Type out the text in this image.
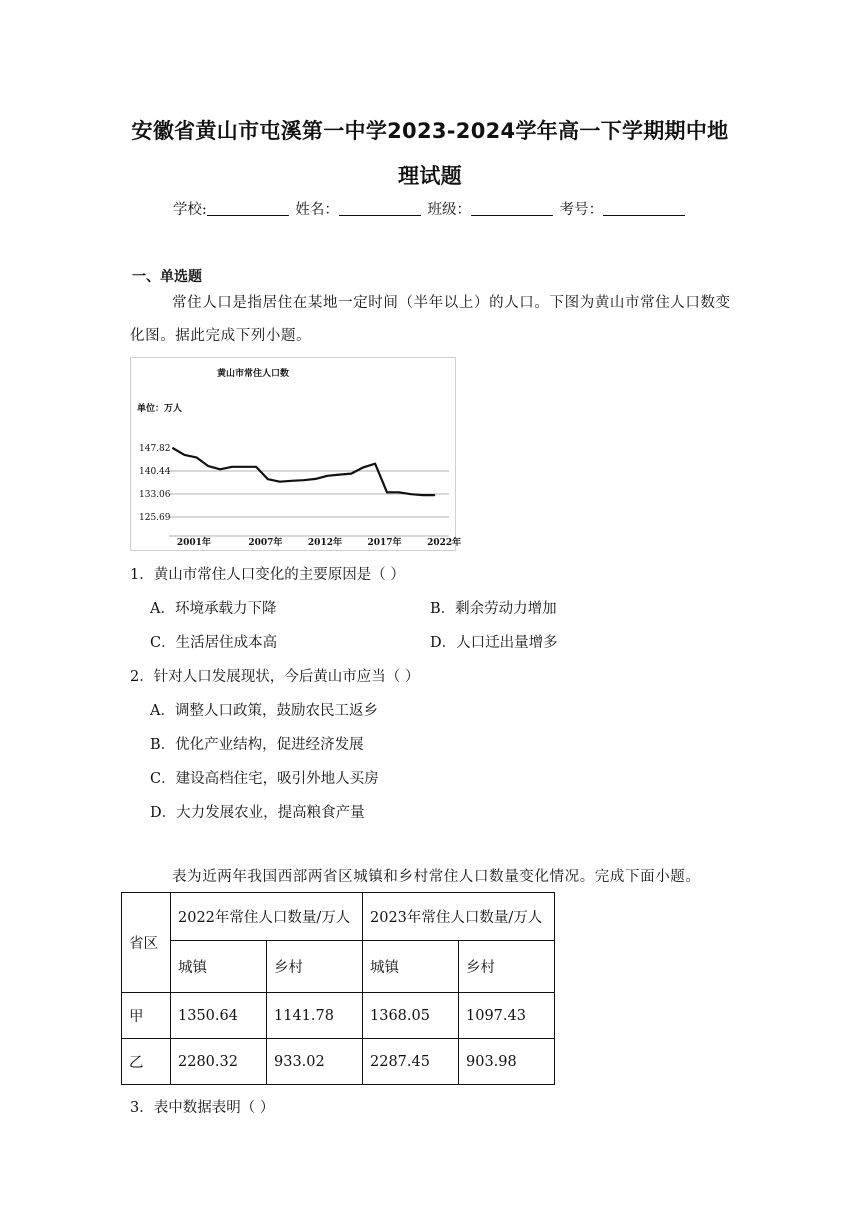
安徽省黄山市屯溪第一中学2023-2024学年高一下学期期中地
理试题
学校:	姓名：	班级：	考号：
一、单选题
常住人口是指居住在某地一定时间（半年以上）的人口。下图为黄山市常住人口数变
化图。据此完成下列小题。
黄山市常住人口数
单位：万人
147.82
140.44
133.06
125.69
2001年	2007年	2012年	2017年	2022年
1．黄山市常住人口变化的主要原因是（ ）
A．环境承载力下降	B．剩余劳动力增加
C．生活居住成本高	D．人口迁出量增多
2．针对人口发展现状，今后黄山市应当（ ）
A．调整人口政策，鼓励农民工返乡
B．优化产业结构，促进经济发展
C．建设高档住宅，吸引外地人买房
D．大力发展农业，提高粮食产量
表为近两年我国西部两省区城镇和乡村常住人口数量变化情况。完成下面小题。
省区	2022年常住人口数量/万人		2023年常住人口数量/万人	
	城镇	乡村	城镇	乡村
甲	1350.64	1141.78	1368.05	1097.43
乙	2280.32	933.02	2287.45	903.98
3．表中数据表明（ ）
